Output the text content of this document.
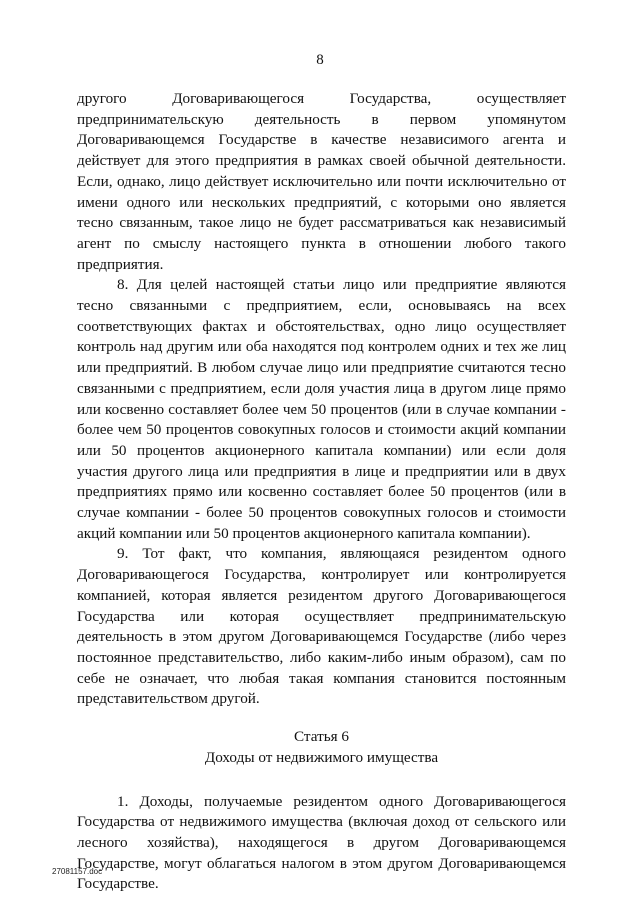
8

другого Договаривающегося Государства, осуществляет предпринимательскую деятельность в первом упомянутом Договаривающемся Государстве в качестве независимого агента и действует для этого предприятия в рамках своей обычной деятельности. Если, однако, лицо действует исключительно или почти исключительно от имени одного или нескольких предприятий, с которыми оно является тесно связанным, такое лицо не будет рассматриваться как независимый агент по смыслу настоящего пункта в отношении любого такого предприятия.

8. Для целей настоящей статьи лицо или предприятие являются тесно связанными с предприятием, если, основываясь на всех соответствующих фактах и обстоятельствах, одно лицо осуществляет контроль над другим или оба находятся под контролем одних и тех же лиц или предприятий. В любом случае лицо или предприятие считаются тесно связанными с предприятием, если доля участия лица в другом лице прямо или косвенно составляет более чем 50 процентов (или в случае компании - более чем 50 процентов совокупных голосов и стоимости акций компании или 50 процентов акционерного капитала компании) или если доля участия другого лица или предприятия в лице и предприятии или в двух предприятиях прямо или косвенно составляет более 50 процентов (или в случае компании - более 50 процентов совокупных голосов и стоимости акций компании или 50 процентов акционерного капитала компании).

9. Тот факт, что компания, являющаяся резидентом одного Договаривающегося Государства, контролирует или контролируется компанией, которая является резидентом другого Договаривающегося Государства или которая осуществляет предпринимательскую деятельность в этом другом Договаривающемся Государстве (либо через постоянное представительство, либо каким-либо иным образом), сам по себе не означает, что любая такая компания становится постоянным представительством другой.

Статья 6

Доходы от недвижимого имущества

1. Доходы, получаемые резидентом одного Договаривающегося Государства от недвижимого имущества (включая доход от сельского или лесного хозяйства), находящегося в другом Договаривающемся Государстве, могут облагаться налогом в этом другом Договаривающемся Государстве.

27081157.doc
